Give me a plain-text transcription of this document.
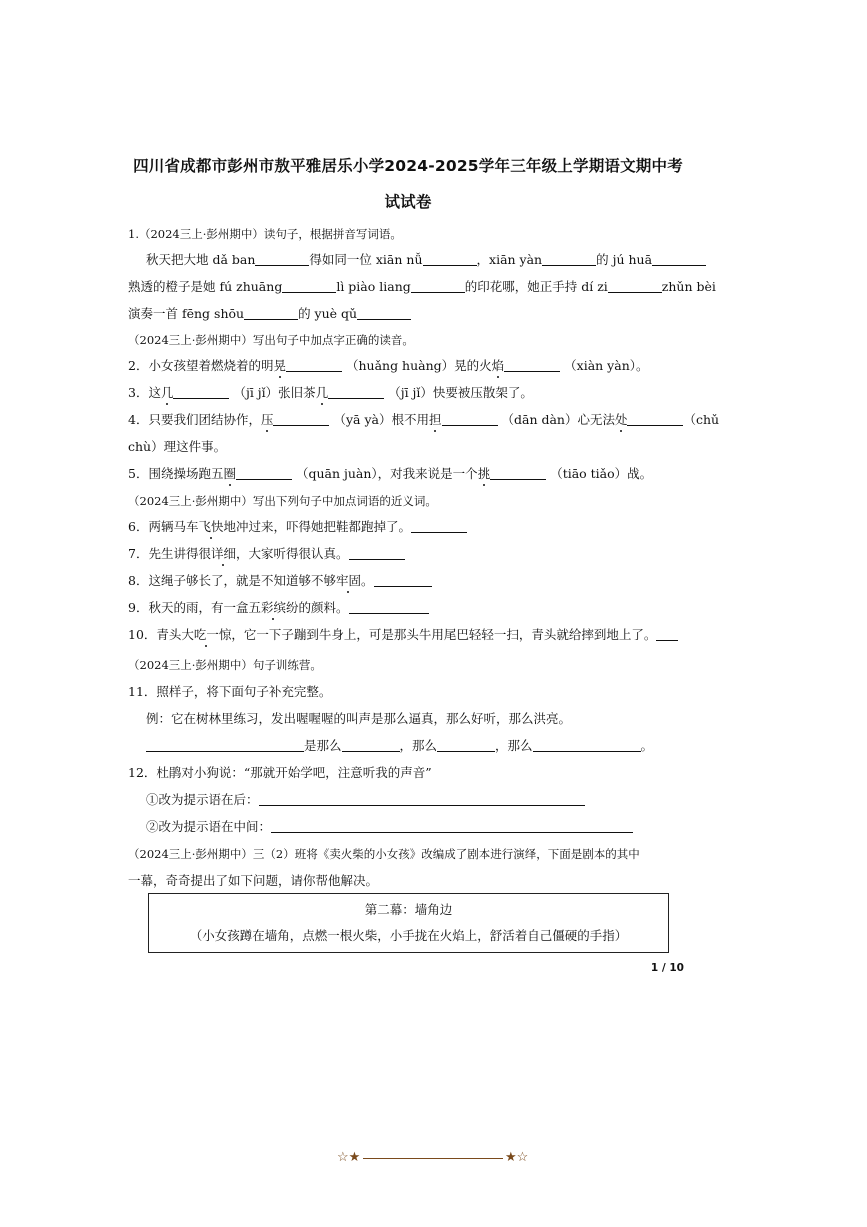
四川省成都市彭州市敖平雅居乐小学2024-2025学年三年级上学期语文期中考
试试卷
1.（2024三上·彭州期中）读句子，根据拼音写词语。
秋天把大地 dǎ ban	得如同一位 xiān nǚ	，xiān yàn	的 jú huā
熟透的橙子是她 fú zhuāng	lì piào liang	的印花哪，她正手持 dí zi	zhǔn bèi
演奏一首 fēng shōu	的 yuè qǔ
（2024三上·彭州期中）写出句子中加点字正确的读音。
2．小女孩望着燃烧着的明晃	（huǎng huàng）晃的火焰	（xiàn yàn）。
3．这几	（jī jǐ）张旧茶几	（jī jǐ）快要被压散架了。
4．只要我们团结协作，压	（yā yà）根不用担	（dān dàn）心无法处	（chǔ
chù）理这件事。
5．围绕操场跑五圈	（quān juàn），对我来说是一个挑	（tiāo tiǎo）战。
（2024三上·彭州期中）写出下列句子中加点词语的近义词。
6．两辆马车飞快地冲过来，吓得她把鞋都跑掉了。
7．先生讲得很详细，大家听得很认真。
8．这绳子够长了，就是不知道够不够牢固。
9．秋天的雨，有一盒五彩缤纷的颜料。
10．青头大吃一惊，它一下子蹦到牛身上，可是那头牛用尾巴轻轻一扫，青头就给摔到地上了。
（2024三上·彭州期中）句子训练营。
11．照样子，将下面句子补充完整。
例：它在树林里练习，发出喔喔喔的叫声是那么逼真，那么好听，那么洪亮。
是那么	，那么	，那么	。
12．杜鹃对小狗说：“那就开始学吧，注意听我的声音”
①改为提示语在后：
②改为提示语在中间：
（2024三上·彭州期中）三（2）班将《卖火柴的小女孩》改编成了剧本进行演绎，下面是剧本的其中
一幕，奇奇提出了如下问题，请你帮他解决。
第二幕：墙角边
（小女孩蹲在墙角，点燃一根火柴，小手拢在火焰上，舒活着自己僵硬的手指）
1 / 10
☆★	★☆
